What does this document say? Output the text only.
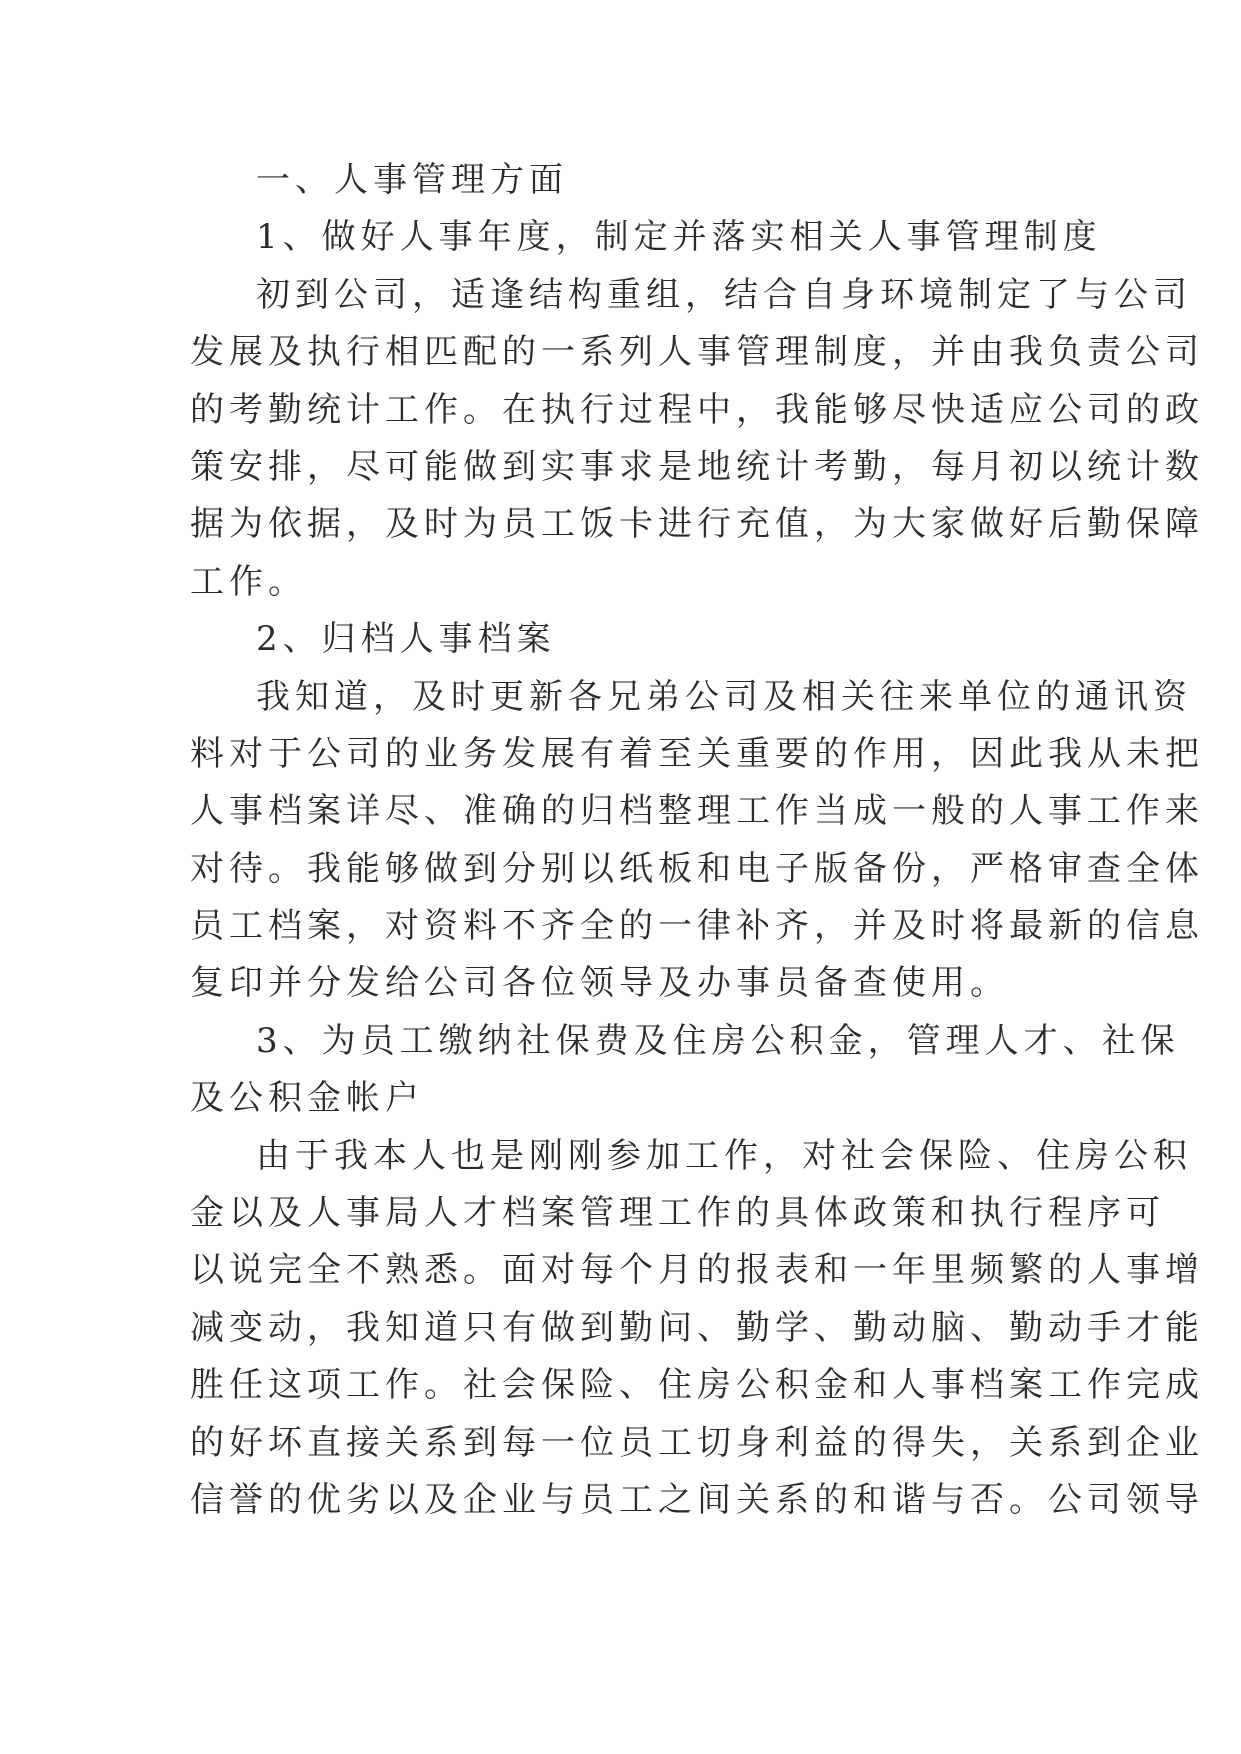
一、人事管理方面
1、做好人事年度，制定并落实相关人事管理制度
初到公司，适逢结构重组，结合自身环境制定了与公司
发展及执行相匹配的一系列人事管理制度，并由我负责公司
的考勤统计工作。在执行过程中，我能够尽快适应公司的政
策安排，尽可能做到实事求是地统计考勤，每月初以统计数
据为依据，及时为员工饭卡进行充值，为大家做好后勤保障
工作。
2、归档人事档案
我知道，及时更新各兄弟公司及相关往来单位的通讯资
料对于公司的业务发展有着至关重要的作用，因此我从未把
人事档案详尽、准确的归档整理工作当成一般的人事工作来
对待。我能够做到分别以纸板和电子版备份，严格审查全体
员工档案，对资料不齐全的一律补齐，并及时将最新的信息
复印并分发给公司各位领导及办事员备查使用。
3、为员工缴纳社保费及住房公积金，管理人才、社保
及公积金帐户
由于我本人也是刚刚参加工作，对社会保险、住房公积
金以及人事局人才档案管理工作的具体政策和执行程序可
以说完全不熟悉。面对每个月的报表和一年里频繁的人事增
减变动，我知道只有做到勤问、勤学、勤动脑、勤动手才能
胜任这项工作。社会保险、住房公积金和人事档案工作完成
的好坏直接关系到每一位员工切身利益的得失，关系到企业
信誉的优劣以及企业与员工之间关系的和谐与否。公司领导
